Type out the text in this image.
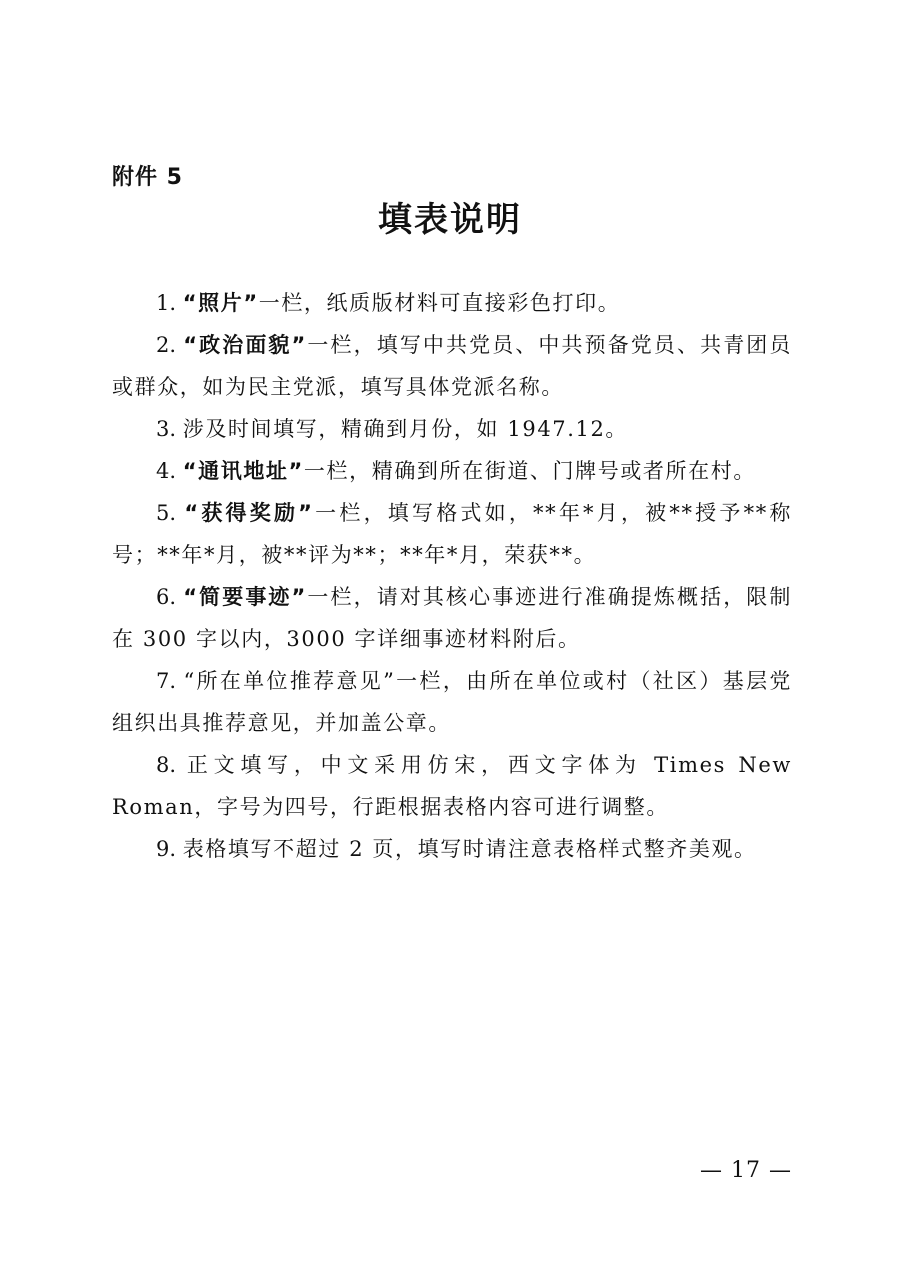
附件 5
填表说明

1. “照片”一栏，纸质版材料可直接彩色打印。

2. “政治面貌”一栏，填写中共党员、中共预备党员、共青团员或群众，如为民主党派，填写具体党派名称。

3. 涉及时间填写，精确到月份，如 1947.12。

4. “通讯地址”一栏，精确到所在街道、门牌号或者所在村。

5. “获得奖励”一栏，填写格式如，**年*月，被**授予**称号；**年*月，被**评为**；**年*月，荣获**。

6. “简要事迹”一栏，请对其核心事迹进行准确提炼概括，限制在 300 字以内，3000 字详细事迹材料附后。

7. “所在单位推荐意见”一栏，由所在单位或村（社区）基层党组织出具推荐意见，并加盖公章。

8. 正文填写，中文采用仿宋，西文字体为 Times New Roman，字号为四号，行距根据表格内容可进行调整。

9. 表格填写不超过 2 页，填写时请注意表格样式整齐美观。

— 17 —
